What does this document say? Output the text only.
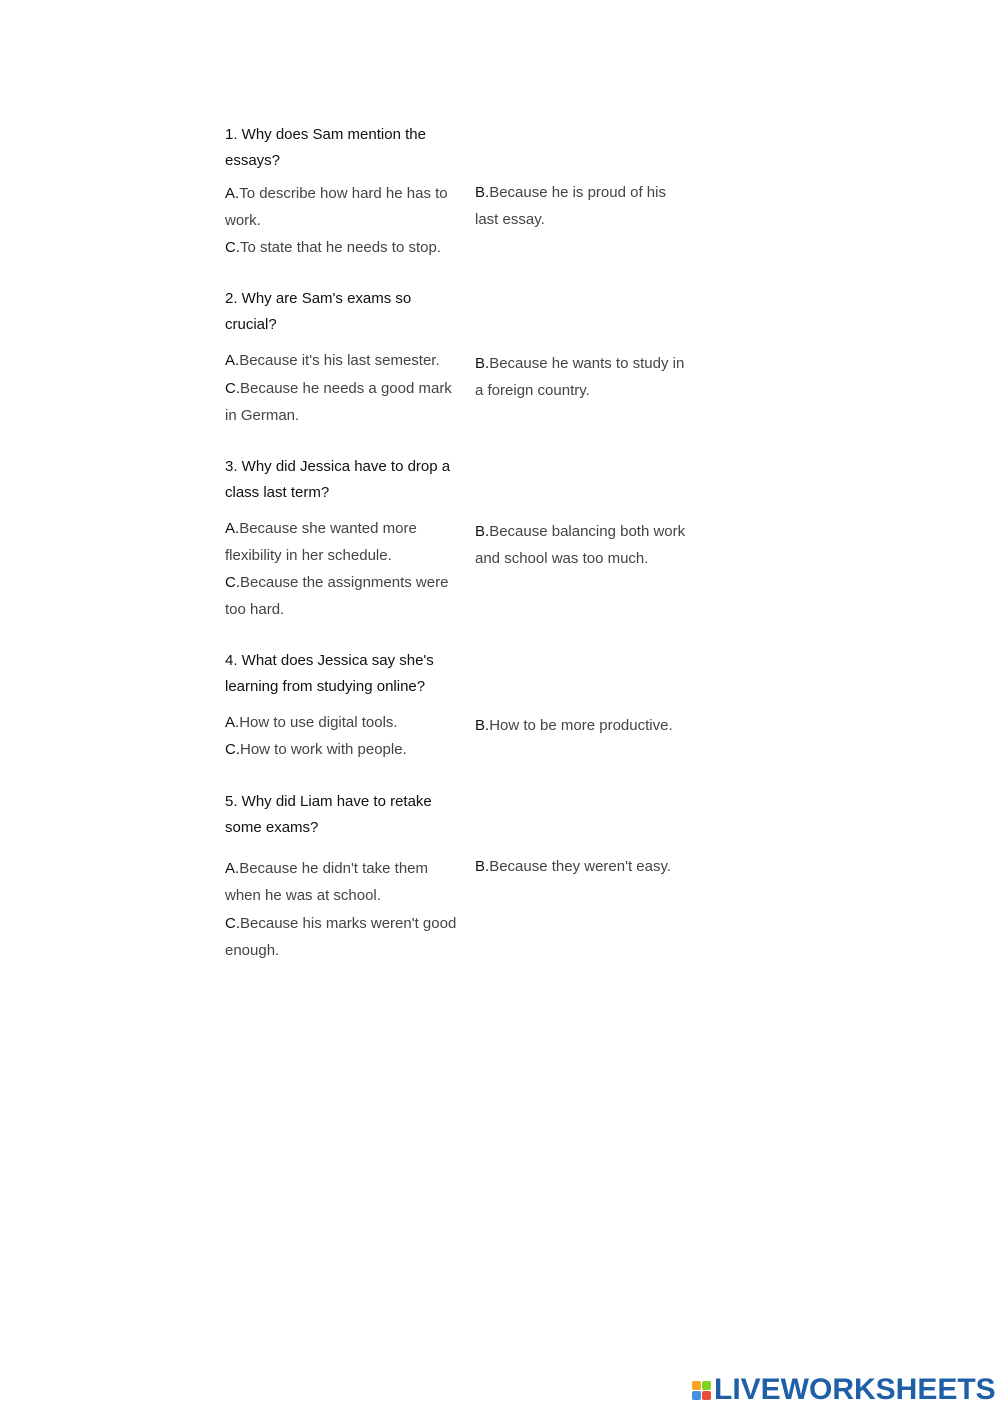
1. Why does Sam mention the essays?
A.To describe how hard he has to work.
C.To state that he needs to stop.
B.Because he is proud of his last essay.
2. Why are Sam's exams so crucial?
A.Because it's his last semester.
C.Because he needs a good mark in German.
B.Because he wants to study in a foreign country.
3. Why did Jessica have to drop a class last term?
A.Because she wanted more flexibility in her schedule.
C.Because the assignments were too hard.
B.Because balancing both work and school was too much.
4. What does Jessica say she's learning from studying online?
A.How to use digital tools.
C.How to work with people.
B.How to be more productive.
5. Why did Liam have to retake some exams?
A.Because he didn't take them when he was at school.
C.Because his marks weren't good enough.
B.Because they weren't easy.
LIVEWORKSHEETS
